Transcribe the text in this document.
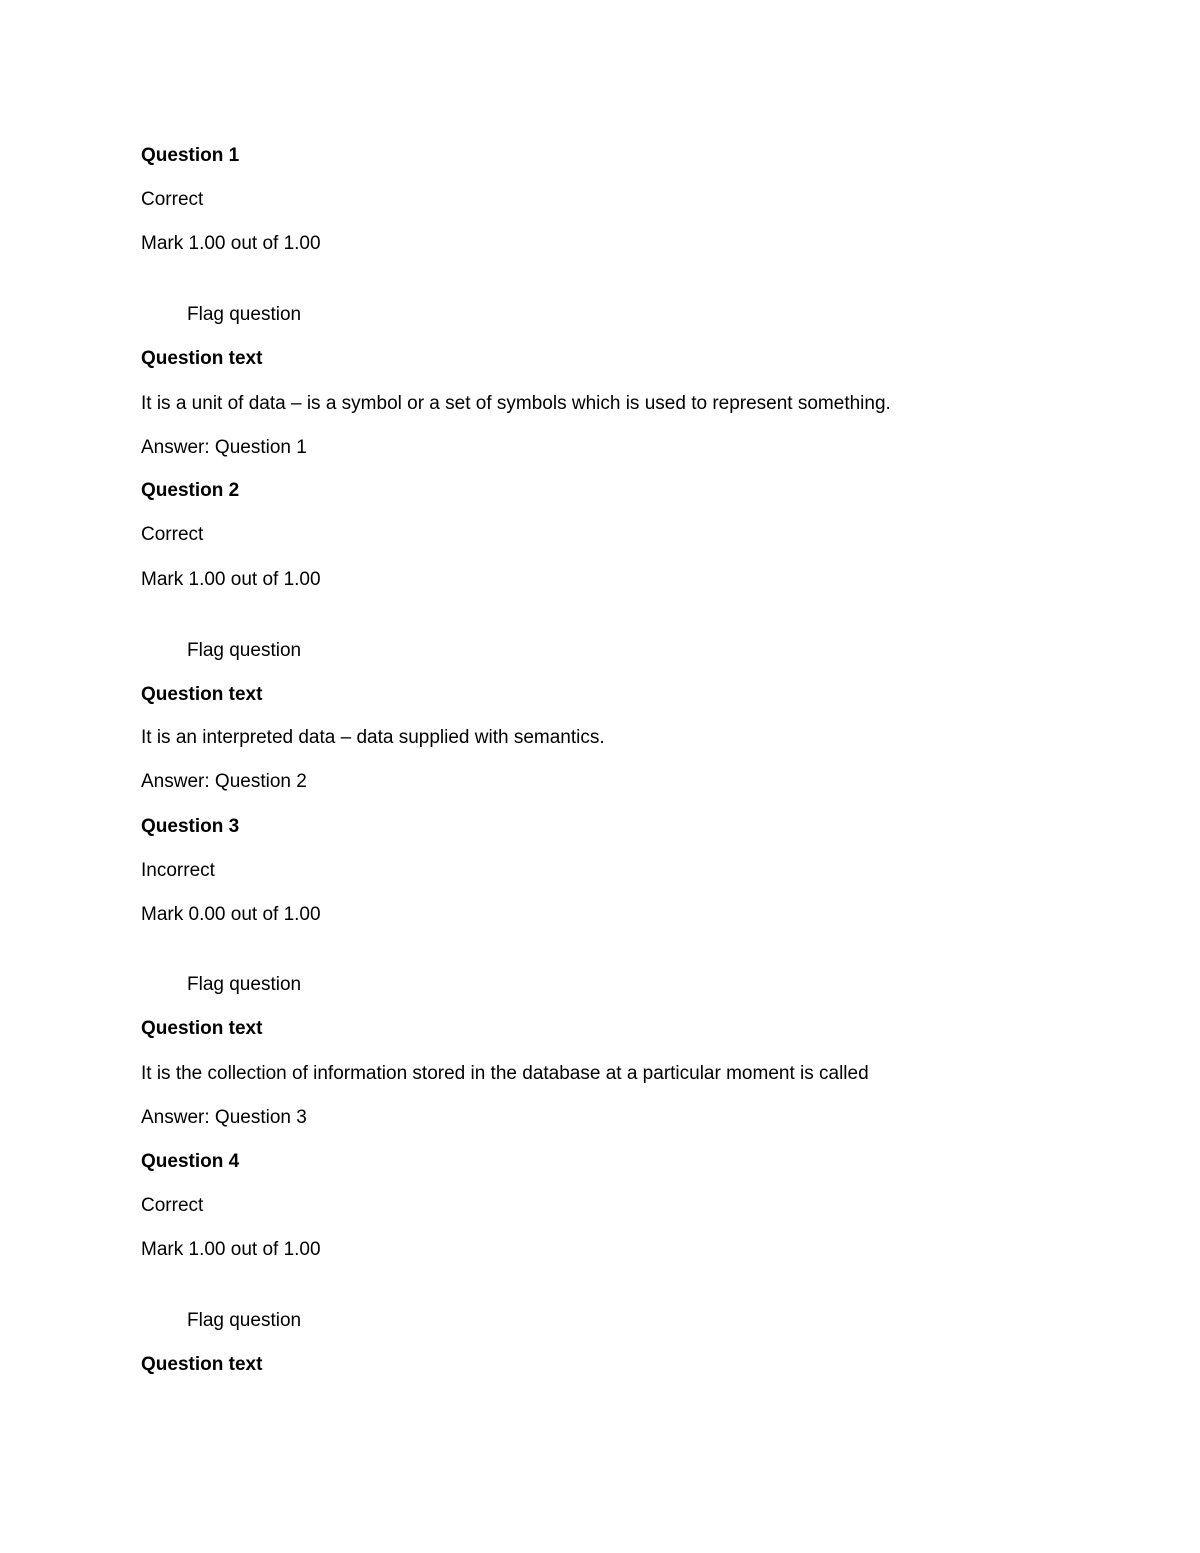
Question 1
Correct
Mark 1.00 out of 1.00
Flag question
Question text
It is a unit of data – is a symbol or a set of symbols which is used to represent something.
Answer: Question 1
Question 2
Correct
Mark 1.00 out of 1.00
Flag question
Question text
It is an interpreted data – data supplied with semantics.
Answer: Question 2
Question 3
Incorrect
Mark 0.00 out of 1.00
Flag question
Question text
It is the collection of information stored in the database at a particular moment is called
Answer: Question 3
Question 4
Correct
Mark 1.00 out of 1.00
Flag question
Question text
